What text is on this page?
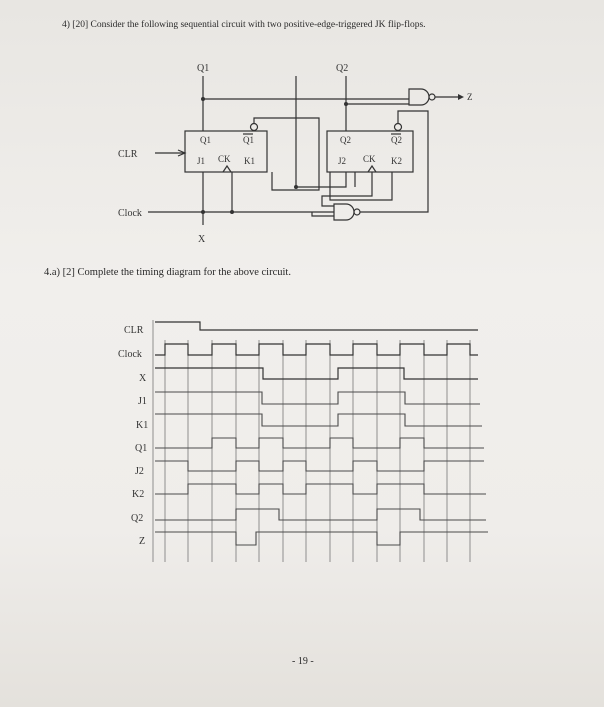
4) [20] Consider the following sequential circuit with two positive-edge-triggered JK flip-flops.
4.a) [2] Complete the timing diagram for the above circuit.
- 19 -
Q1	Q2
Q1	Q1
J1 CK K1
Q2	Q2
J2 CK K2
Z
CLR
Clock
X
CLR
Clock
X
J1
K1
Q1
J2
K2
Q2
Z
